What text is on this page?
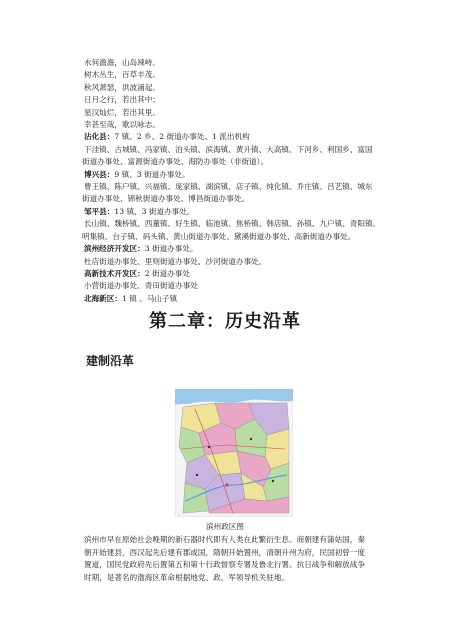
水何澹澹，山岛竦峙。
树木丛生，百草丰茂。
秋风萧瑟，洪波涌起。
日月之行，若出其中；
星汉灿烂，若出其里。
幸甚至哉，歌以咏志。
沾化县：7 镇、2 乡、2 街道办事处、1 派出机构
下洼镇、古城镇、冯家镇、泊头镇、滨海镇、黄升镇、大高镇、下河乡、利国乡、富国
街道办事处、富源街道办事处、海防办事处（非街道）。
博兴县：9 镇、3 街道办事处。
曹王镇、陈户镇、兴福镇、庞家镇、湖滨镇、店子镇、纯化镇、乔庄镇、吕艺镇、城东
街道办事处、锦秋街道办事处、博昌街道办事处。
邹平县：13 镇、3 街道办事处。
长山镇、魏桥镇、西董镇、好生镇、临池镇、焦桥镇、韩店镇、孙镇、九户镇、青阳镇、
明集镇、台子镇、码头镇、黄山街道办事处、黛溪街道办事处、高新街道办事处。
滨州经济开发区：3 街道办事处。
杜店街道办事处、里则街道办事处、沙河街道办事处。
高新技术开发区：2 街道办事处
小营街道办事处、青田街道办事处
北海新区：1 镇 、马山子镇
第二章：历史沿革
建制沿革
滨州政区图
滨州市早在原始社会晚期的新石器时代即有人类在此繁衍生息。商朝建有蒲姑国，秦朝开始建县，西汉起先后建有郡或国，隋朝开始置州，清朝升州为府，民国初曾一度置道，国民党政府先后置第五和第十行政督察专署及鲁北行署。抗日战争和解放战争时期，是著名的渤海区革命根据地党、政、军领导机关驻地。
